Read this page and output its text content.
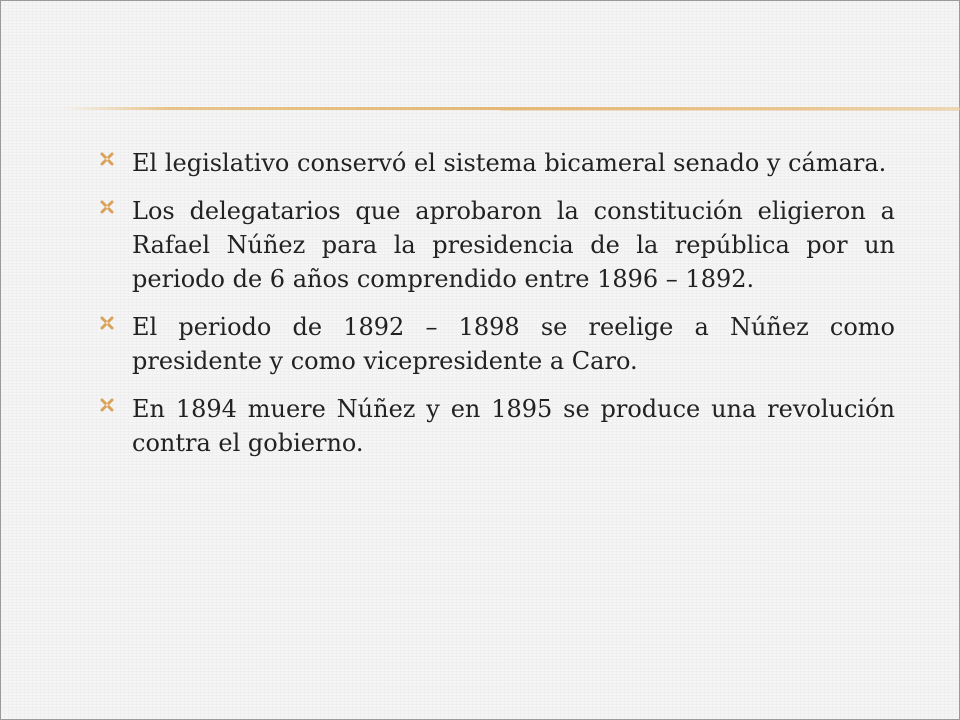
El legislativo conservó el sistema bicameral senado y cámara.
Los delegatarios que aprobaron la constitución eligieron a Rafael Núñez para la presidencia de la república por un periodo de 6 años comprendido entre 1896 – 1892.
El periodo de 1892 – 1898 se reelige a Núñez como presidente y como vicepresidente a Caro.
En 1894 muere Núñez y en 1895 se produce una revolución contra el gobierno.
